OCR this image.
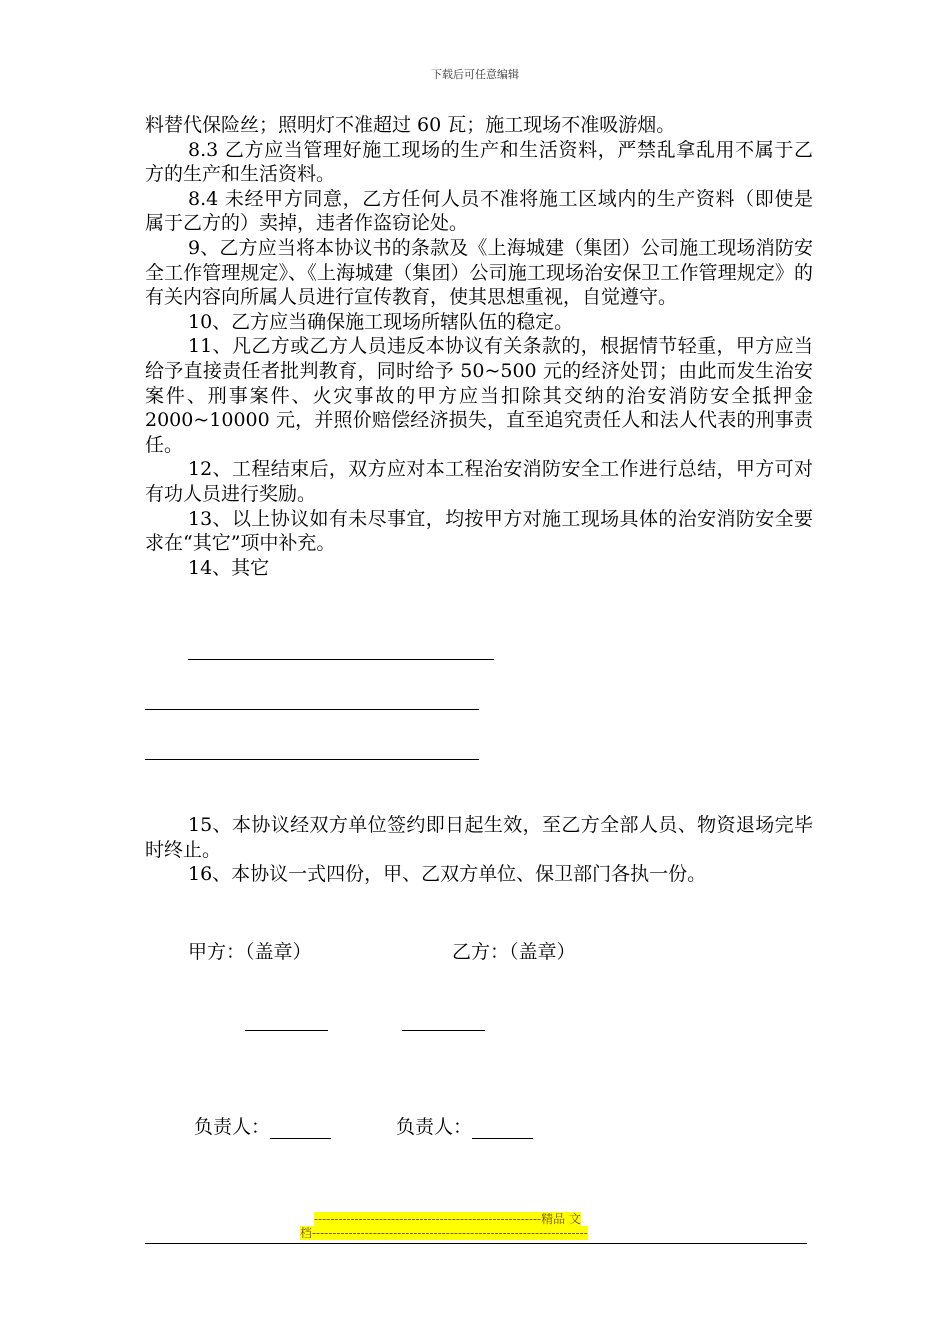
下载后可任意编辑

料替代保险丝；照明灯不准超过 60 瓦；施工现场不准吸游烟。

8.3 乙方应当管理好施工现场的生产和生活资料，严禁乱拿乱用不属于乙方的生产和生活资料。

8.4 未经甲方同意，乙方任何人员不准将施工区域内的生产资料（即使是属于乙方的）卖掉，违者作盗窃论处。

9、乙方应当将本协议书的条款及《上海城建（集团）公司施工现场消防安全工作管理规定》、《上海城建（集团）公司施工现场治安保卫工作管理规定》的有关内容向所属人员进行宣传教育，使其思想重视，自觉遵守。

10、乙方应当确保施工现场所辖队伍的稳定。

11、凡乙方或乙方人员违反本协议有关条款的，根据情节轻重，甲方应当给予直接责任者批判教育，同时给予 50~500 元的经济处罚；由此而发生治安案件、刑事案件、火灾事故的甲方应当扣除其交纳的治安消防安全抵押金 2000~10000 元，并照价赔偿经济损失，直至追究责任人和法人代表的刑事责任。

12、工程结束后，双方应对本工程治安消防安全工作进行总结，甲方可对有功人员进行奖励。

13、以上协议如有未尽事宜，均按甲方对施工现场具体的治安消防安全要求在“其它”项中补充。

14、其它

15、本协议经双方单位签约即日起生效，至乙方全部人员、物资退场完毕时终止。

16、本协议一式四份，甲、乙双方单位、保卫部门各执一份。

甲方：（盖章）	乙方：（盖章）
负责人：	负责人：
--------------------------------------------------------精品 文
档--------------------------------------------------------------------
